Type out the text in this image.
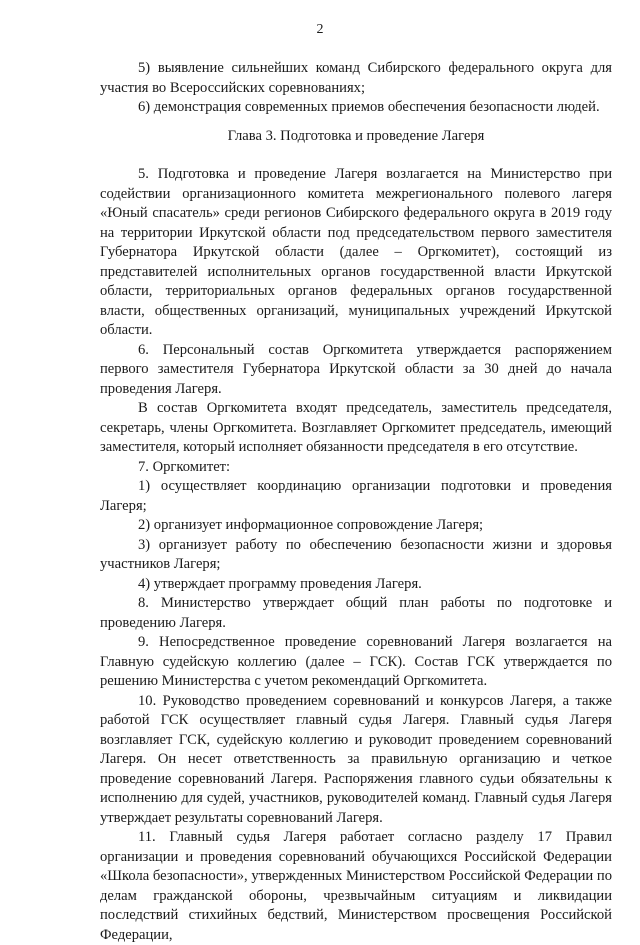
2

5) выявление сильнейших команд Сибирского федерального округа для участия во Всероссийских соревнованиях;

6) демонстрация современных приемов обеспечения безопасности людей.

Глава 3. Подготовка и проведение Лагеря

5. Подготовка и проведение Лагеря возлагается на Министерство при содействии организационного комитета межрегионального полевого лагеря «Юный спасатель» среди регионов Сибирского федерального округа в 2019 году на территории Иркутской области под председательством первого заместителя Губернатора Иркутской области (далее – Оргкомитет), состоящий из представителей исполнительных органов государственной власти Иркутской области, территориальных органов федеральных органов государственной власти, общественных организаций, муниципальных учреждений Иркутской области.

6. Персональный состав Оргкомитета утверждается распоряжением первого заместителя Губернатора Иркутской области за 30 дней до начала проведения Лагеря.

В состав Оргкомитета входят председатель, заместитель председателя, секретарь, члены Оргкомитета. Возглавляет Оргкомитет председатель, имеющий заместителя, который исполняет обязанности председателя в его отсутствие.

7. Оргкомитет:

1) осуществляет координацию организации подготовки и проведения Лагеря;

2) организует информационное сопровождение Лагеря;

3) организует работу по обеспечению безопасности жизни и здоровья участников Лагеря;

4) утверждает программу проведения Лагеря.

8. Министерство утверждает общий план работы по подготовке и проведению Лагеря.

9. Непосредственное проведение соревнований Лагеря возлагается на Главную судейскую коллегию (далее – ГСК). Состав ГСК утверждается по решению Министерства с учетом рекомендаций Оргкомитета.

10. Руководство проведением соревнований и конкурсов Лагеря, а также работой ГСК осуществляет главный судья Лагеря. Главный судья Лагеря возглавляет ГСК, судейскую коллегию и руководит проведением соревнований Лагеря. Он несет ответственность за правильную организацию и четкое проведение соревнований Лагеря. Распоряжения главного судьи обязательны к исполнению для судей, участников, руководителей команд. Главный судья Лагеря утверждает результаты соревнований Лагеря.

11. Главный судья Лагеря работает согласно разделу 17 Правил организации и проведения соревнований обучающихся Российской Федерации «Школа безопасности», утвержденных Министерством Российской Федерации по делам гражданской обороны, чрезвычайным ситуациям и ликвидации последствий стихийных бедствий, Министерством просвещения Российской Федерации,
